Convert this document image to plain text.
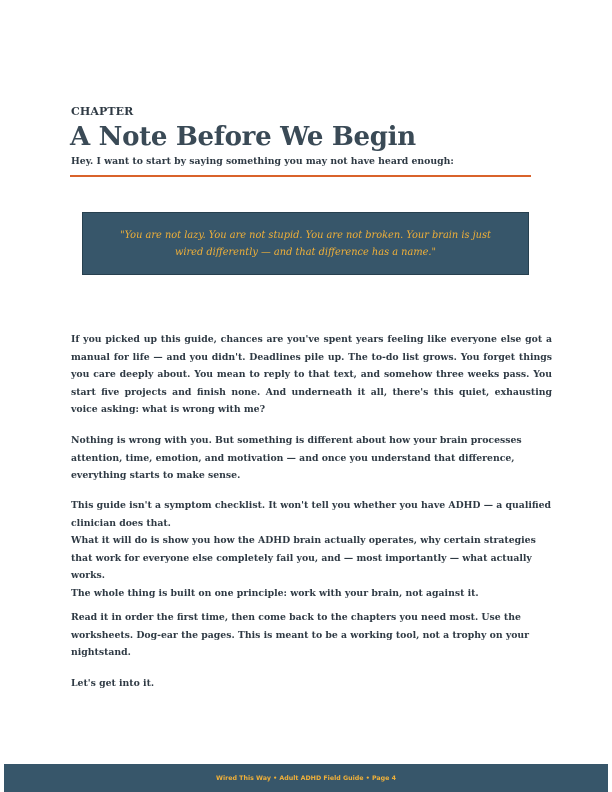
CHAPTER
A Note Before We Begin

Hey. I want to start by saying something you may not have heard enough:

"You are not lazy. You are not stupid. You are not broken. Your brain is just wired differently — and that difference has a name."

If you picked up this guide, chances are you've spent years feeling like everyone else got a manual for life — and you didn't. Deadlines pile up. The to-do list grows. You forget things you care deeply about. You mean to reply to that text, and somehow three weeks pass. You start five projects and finish none. And underneath it all, there's this quiet, exhausting voice asking: what is wrong with me?

Nothing is wrong with you. But something is different about how your brain processes attention, time, emotion, and motivation — and once you understand that difference, everything starts to make sense.

This guide isn't a symptom checklist. It won't tell you whether you have ADHD — a qualified clinician does that.
What it will do is show you how the ADHD brain actually operates, why certain strategies that work for everyone else completely fail you, and — most importantly — what actually works.
The whole thing is built on one principle: work with your brain, not against it.

Read it in order the first time, then come back to the chapters you need most. Use the worksheets. Dog-ear the pages. This is meant to be a working tool, not a trophy on your nightstand.

Let's get into it.

Wired This Way • Adult ADHD Field Guide • Page 4
